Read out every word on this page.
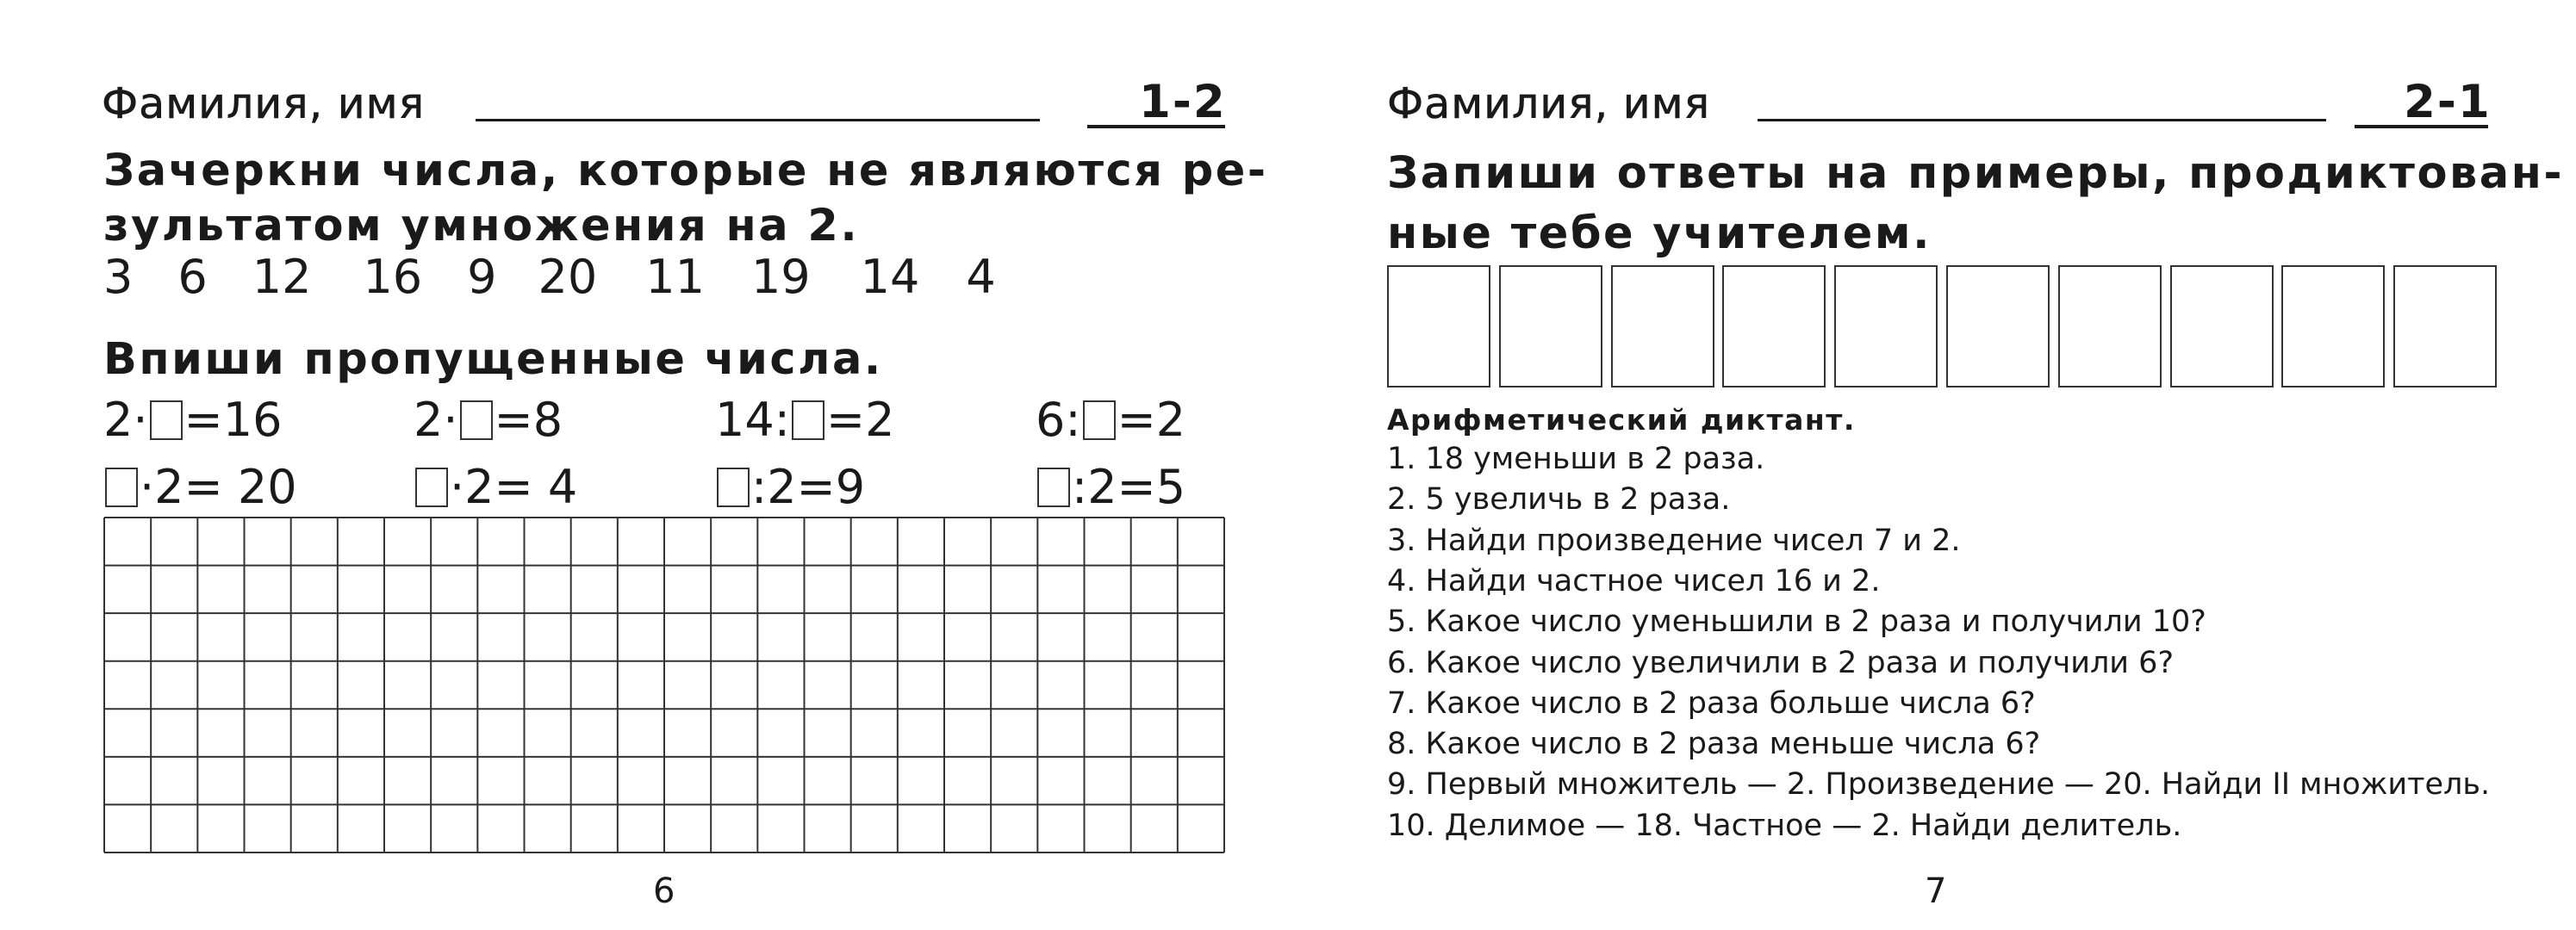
Фамилия, имя	1-2
Зачеркни числа, которые не являются ре-
зультатом умножения на 2.
3 6 12 16 9 20 11 19 14 4
Впиши пропущенные числа.
2· =16	2· =8	14: =2	6: =2
·2= 20	·2= 4	:2=9	:2=5
6
Фамилия, имя	2-1
Запиши ответы на примеры, продиктован-
ные тебе учителем.
Арифметический диктант.
1. 18 уменьши в 2 раза.
2. 5 увеличь в 2 раза.
3. Найди произведение чисел 7 и 2.
4. Найди частное чисел 16 и 2.
5. Какое число уменьшили в 2 раза и получили 10?
6. Какое число увеличили в 2 раза и получили 6?
7. Какое число в 2 раза больше числа 6?
8. Какое число в 2 раза меньше числа 6?
9. Первый множитель — 2. Произведение — 20. Найди II множитель.
10. Делимое — 18. Частное — 2. Найди делитель.
7
